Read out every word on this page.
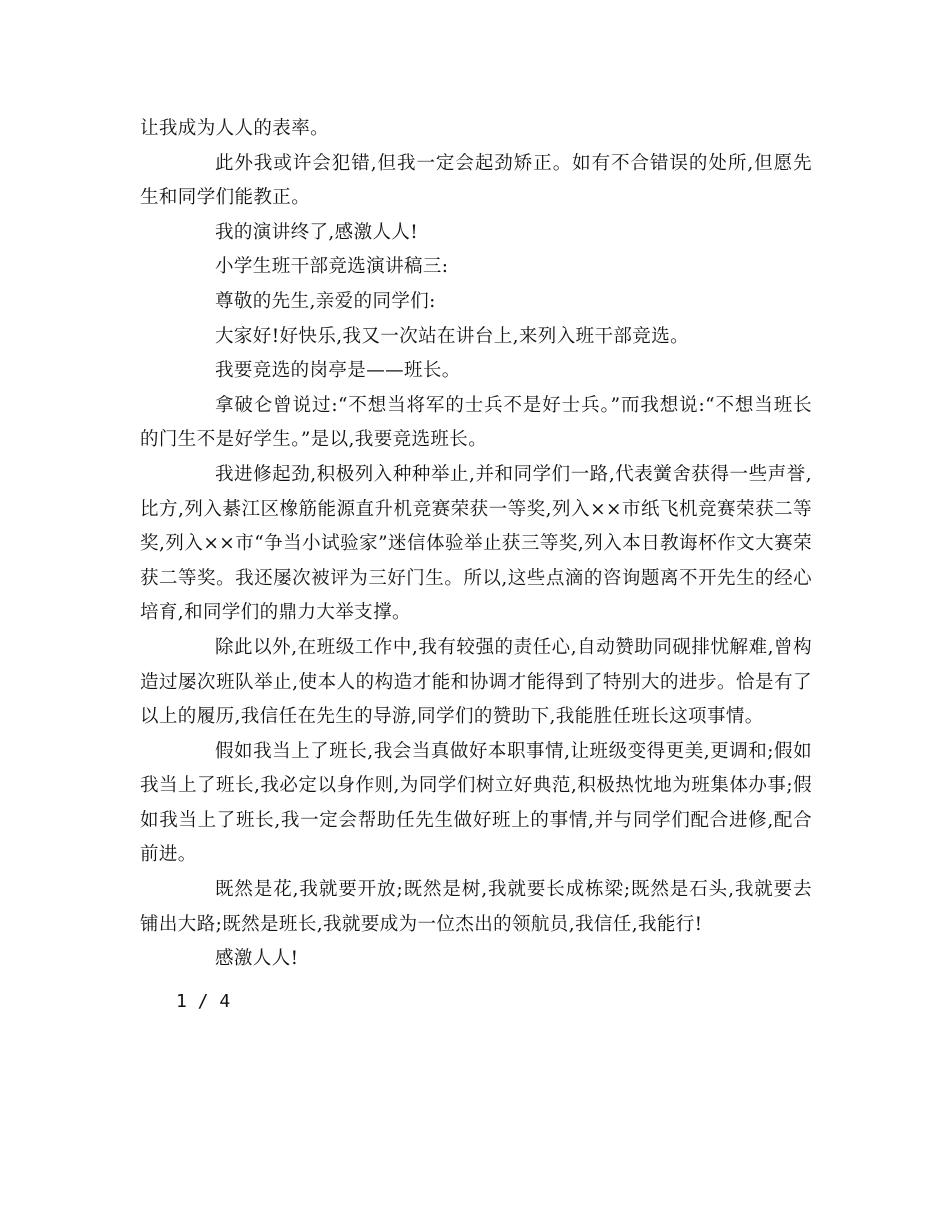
让我成为人人的表率。

此外我或许会犯错,但我一定会起劲矫正。如有不合错误的处所,但愿先生和同学们能教正。

我的演讲终了,感激人人!

小学生班干部竞选演讲稿三:

尊敬的先生,亲爱的同学们:

大家好!好快乐,我又一次站在讲台上,来列入班干部竞选。

我要竞选的岗亭是——班长。

拿破仑曾说过:“不想当将军的士兵不是好士兵。”而我想说:“不想当班长的门生不是好学生。”是以,我要竞选班长。

我进修起劲,积极列入种种举止,并和同学们一路,代表黉舍获得一些声誉,比方,列入綦江区橡筋能源直升机竞赛荣获一等奖,列入××市纸飞机竞赛荣获二等奖,列入××市“争当小试验家”迷信体验举止获三等奖,列入本日教诲杯作文大赛荣获二等奖。我还屡次被评为三好门生。所以,这些点滴的咨询题离不开先生的经心培育,和同学们的鼎力大举支撑。

除此以外,在班级工作中,我有较强的责任心,自动赞助同砚排忧解难,曾构造过屡次班队举止,使本人的构造才能和协调才能得到了特别大的进步。恰是有了以上的履历,我信任在先生的导游,同学们的赞助下,我能胜任班长这项事情。

假如我当上了班长,我会当真做好本职事情,让班级变得更美,更调和;假如我当上了班长,我必定以身作则,为同学们树立好典范,积极热忱地为班集体办事;假如我当上了班长,我一定会帮助任先生做好班上的事情,并与同学们配合进修,配合前进。

既然是花,我就要开放;既然是树,我就要长成栋梁;既然是石头,我就要去铺出大路;既然是班长,我就要成为一位杰出的领航员,我信任,我能行!

感激人人!

1 / 4
